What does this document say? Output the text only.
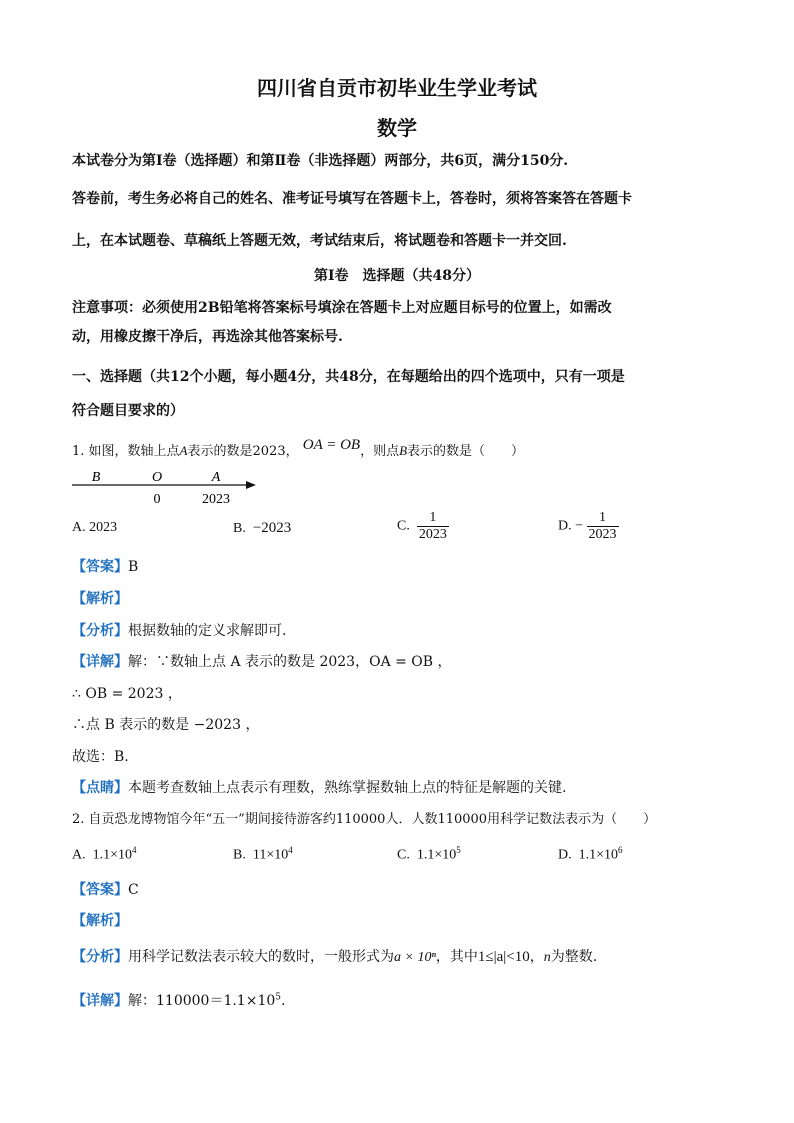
四川省自贡市初毕业生学业考试
数学
本试卷分为第Ⅰ卷（选择题）和第Ⅱ卷（非选择题）两部分，共6页，满分150分.
答卷前，考生务必将自己的姓名、准考证号填写在答题卡上，答卷时，须将答案答在答题卡
上，在本试题卷、草稿纸上答题无效，考试结束后，将试题卷和答题卡一并交回.
第Ⅰ卷　选择题（共48分）
注意事项：必须使用2B铅笔将答案标号填涂在答题卡上对应题目标号的位置上，如需改
动，用橡皮擦干净后，再选涂其他答案标号.
一、选择题（共12个小题，每小题4分，共48分，在每题给出的四个选项中，只有一项是
符合题目要求的）
1. 如图，数轴上点A表示的数是2023， OA = OB，则点B表示的数是（　　）
B	O	A
0	2023
A. 2023	B. −2023	C. $\frac{1}{2023}$	D. − $\frac{1}{2023}$
【答案】B
【解析】
【分析】根据数轴的定义求解即可.
【详解】解：∵数轴上点 A 表示的数是 2023，OA = OB ，
∴ OB = 2023 ，
∴点 B 表示的数是 −2023 ，
故选：B.
【点睛】本题考查数轴上点表示有理数，熟练掌握数轴上点的特征是解题的关键.
2. 自贡恐龙博物馆今年“五一”期间接待游客约110000人．人数110000用科学记数法表示为（　　）
A. $1.1\times 10^4$	B. $11\times 10^4$	C. $1.1\times 10^5$	D. $1.1\times 10^6$
【答案】C
【解析】
【分析】用科学记数法表示较大的数时，一般形式为a × 10ⁿ，其中1≤|a|<10，n为整数.
【详解】解：$110000=1.1\times 10^5$.
